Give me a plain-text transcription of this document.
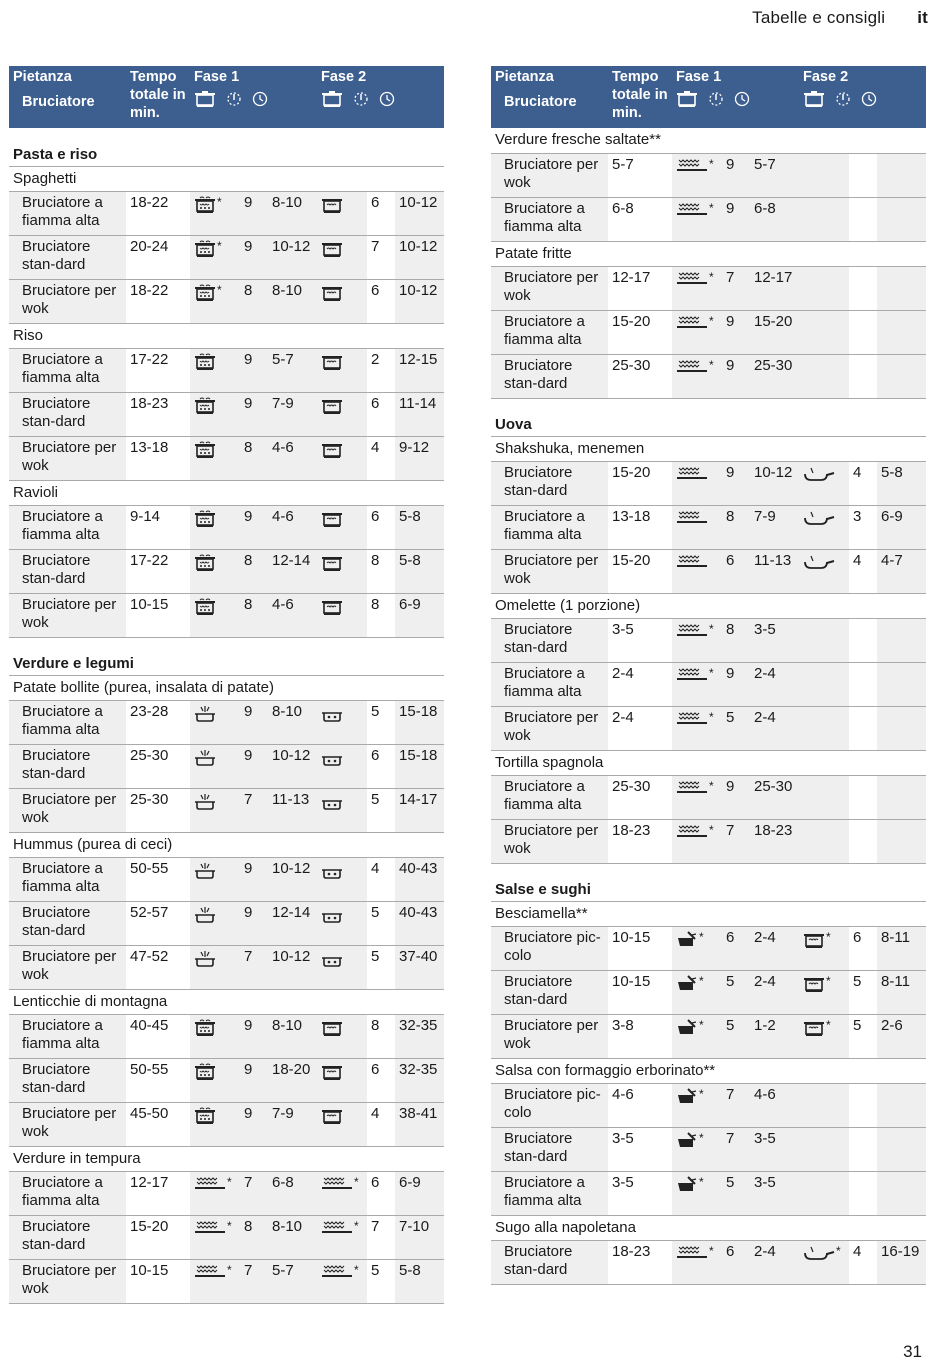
Tabelle e consigli it
Pietanza
Bruciatore	Tempo totale in min.	Fase 1			Fase 2		

Pasta e riso							
Spaghetti							
Bruciatore a fiamma alta	18-22	*	9	8-10		6	10-12
Bruciatore stan-dard	20-24	*	9	10-12		7	10-12
Bruciatore per wok	18-22	*	8	8-10		6	10-12
Riso							
Bruciatore a fiamma alta	17-22		9	5-7		2	12-15
Bruciatore stan-dard	18-23		9	7-9		6	11-14
Bruciatore per wok	13-18		8	4-6		4	9-12
Ravioli							
Bruciatore a fiamma alta	9-14		9	4-6		6	5-8
Bruciatore stan-dard	17-22		8	12-14		8	5-8
Bruciatore per wok	10-15		8	4-6		8	6-9
Verdure e legumi							
Patate bollite (purea, insalata di patate)							
Bruciatore a fiamma alta	23-28		9	8-10		5	15-18
Bruciatore stan-dard	25-30		9	10-12		6	15-18
Bruciatore per wok	25-30		7	11-13		5	14-17
Hummus (purea di ceci)							
Bruciatore a fiamma alta	50-55		9	10-12		4	40-43
Bruciatore stan-dard	52-57		9	12-14		5	40-43
Bruciatore per wok	47-52		7	10-12		5	37-40
Lenticchie di montagna							
Bruciatore a fiamma alta	40-45		9	8-10		8	32-35
Bruciatore stan-dard	50-55		9	18-20		6	32-35
Bruciatore per wok	45-50		9	7-9		4	38-41
Verdure in tempura							
Bruciatore a fiamma alta	12-17	*	7	6-8	*	6	6-9
Bruciatore stan-dard	15-20	*	8	8-10	*	7	7-10
Bruciatore per wok	10-15	*	7	5-7	*	5	5-8
Pietanza
Bruciatore	Tempo totale in min.	Fase 1			Fase 2		

Verdure fresche saltate**							
Bruciatore per wok	5-7	*	9	5-7			
Bruciatore a fiamma alta	6-8	*	9	6-8			
Patate fritte							
Bruciatore per wok	12-17	*	7	12-17			
Bruciatore a fiamma alta	15-20	*	9	15-20			
Bruciatore stan-dard	25-30	*	9	25-30			
Uova							
Shakshuka, menemen							
Bruciatore stan-dard	15-20		9	10-12		4	5-8
Bruciatore a fiamma alta	13-18		8	7-9		3	6-9
Bruciatore per wok	15-20		6	11-13		4	4-7
Omelette (1 porzione)							
Bruciatore stan-dard	3-5	*	8	3-5			
Bruciatore a fiamma alta	2-4	*	9	2-4			
Bruciatore per wok	2-4	*	5	2-4			
Tortilla spagnola							
Bruciatore a fiamma alta	25-30	*	9	25-30			
Bruciatore per wok	18-23	*	7	18-23			
Salse e sughi							
Besciamella**							
Bruciatore pic-colo	10-15	*	6	2-4	*	6	8-11
Bruciatore stan-dard	10-15	*	5	2-4	*	5	8-11
Bruciatore per wok	3-8	*	5	1-2	*	5	2-6
Salsa con formaggio erborinato**							
Bruciatore pic-colo	4-6	*	7	4-6			
Bruciatore stan-dard	3-5	*	7	3-5			
Bruciatore a fiamma alta	3-5	*	5	3-5			
Sugo alla napoletana							
Bruciatore stan-dard	18-23	*	6	2-4	*	4	16-19
31
